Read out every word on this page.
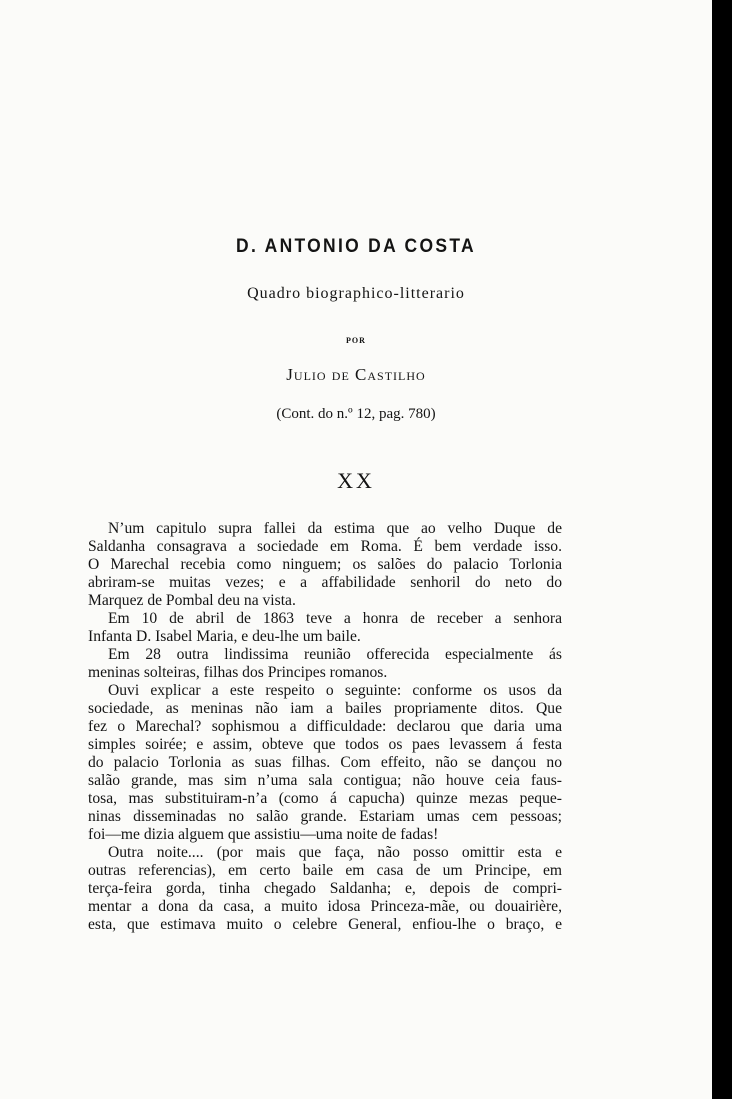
D. ANTONIO DA COSTA
Quadro biographico-litterario
POR
Julio de Castilho
(Cont. do n.º 12, pag. 780)
XX

N’um capitulo supra fallei da estima que ao velho Duque de
Saldanha consagrava a sociedade em Roma. É bem verdade isso.
O Marechal recebia como ninguem; os salões do palacio Torlonia
abriram-se muitas vezes; e a affabilidade senhoril do neto do
Marquez de Pombal deu na vista.

Em 10 de abril de 1863 teve a honra de receber a senhora
Infanta D. Isabel Maria, e deu-lhe um baile.

Em 28 outra lindissima reunião offerecida especialmente ás
meninas solteiras, filhas dos Principes romanos.

Ouvi explicar a este respeito o seguinte: conforme os usos da
sociedade, as meninas não iam a bailes propriamente ditos. Que
fez o Marechal? sophismou a difficuldade: declarou que daria uma
simples soirée; e assim, obteve que todos os paes levassem á festa
do palacio Torlonia as suas filhas. Com effeito, não se dançou no
salão grande, mas sim n’uma sala contigua; não houve ceia faus-
tosa, mas substituiram-n’a (como á capucha) quinze mezas peque-
ninas disseminadas no salão grande. Estariam umas cem pessoas;
foi—me dizia alguem que assistiu—uma noite de fadas!

Outra noite.... (por mais que faça, não posso omittir esta e
outras referencias), em certo baile em casa de um Principe, em
terça-feira gorda, tinha chegado Saldanha; e, depois de compri-
mentar a dona da casa, a muito idosa Princeza-mãe, ou douairière,
esta, que estimava muito o celebre General, enfiou-lhe o braço, e
